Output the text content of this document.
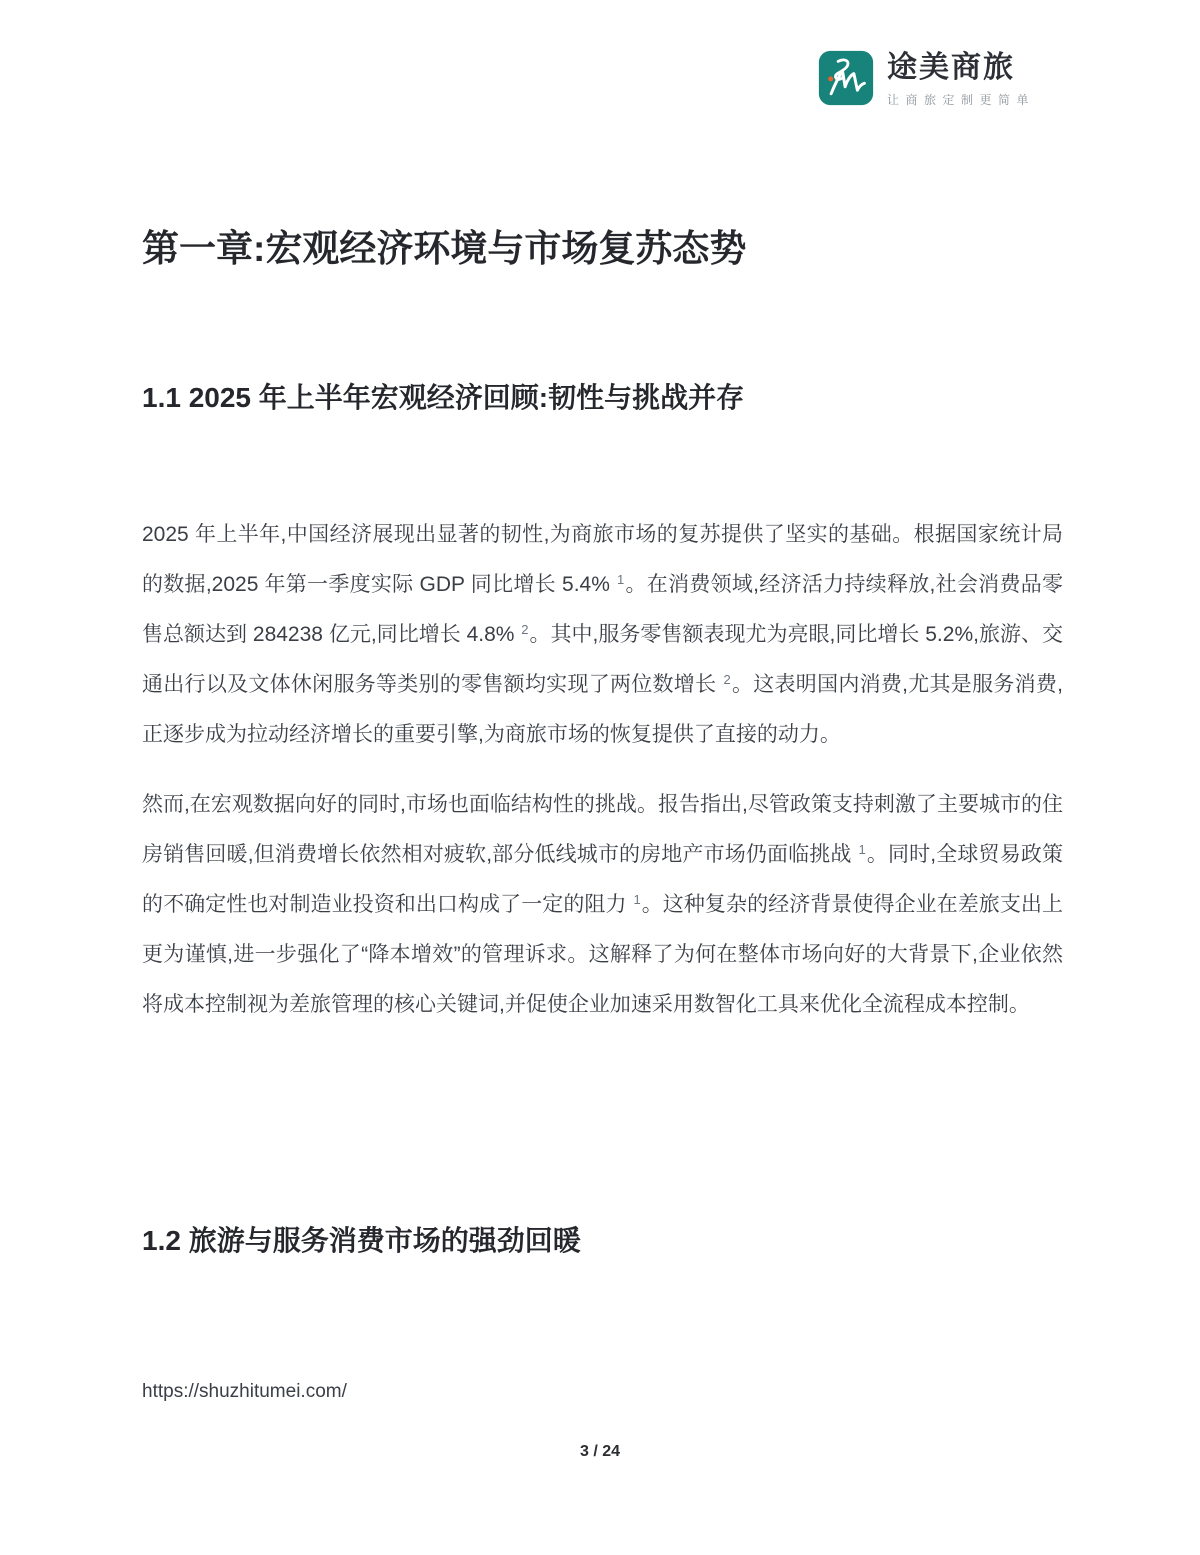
途美商旅
让商旅定制更简单
第一章:宏观经济环境与市场复苏态势
1.1 2025 年上半年宏观经济回顾:韧性与挑战并存

2025 年上半年,中国经济展现出显著的韧性,为商旅市场的复苏提供了坚实的基础。根据国家统计局的数据,2025 年第一季度实际 GDP 同比增长 5.4% $^1$。在消费领域,经济活力持续释放,社会消费品零售总额达到 284238 亿元,同比增长 4.8% $^2$。其中,服务零售额表现尤为亮眼,同比增长 5.2%,旅游、交通出行以及文体休闲服务等类别的零售额均实现了两位数增长 $^2$。这表明国内消费,尤其是服务消费,正逐步成为拉动经济增长的重要引擎,为商旅市场的恢复提供了直接的动力。

然而,在宏观数据向好的同时,市场也面临结构性的挑战。报告指出,尽管政策支持刺激了主要城市的住房销售回暖,但消费增长依然相对疲软,部分低线城市的房地产市场仍面临挑战 $^1$。同时,全球贸易政策的不确定性也对制造业投资和出口构成了一定的阻力 $^1$。这种复杂的经济背景使得企业在差旅支出上更为谨慎,进一步强化了“降本增效”的管理诉求。这解释了为何在整体市场向好的大背景下,企业依然将成本控制视为差旅管理的核心关键词,并促使企业加速采用数智化工具来优化全流程成本控制。

1.2 旅游与服务消费市场的强劲回暖
https://shuzhitumei.com/
3 / 24
